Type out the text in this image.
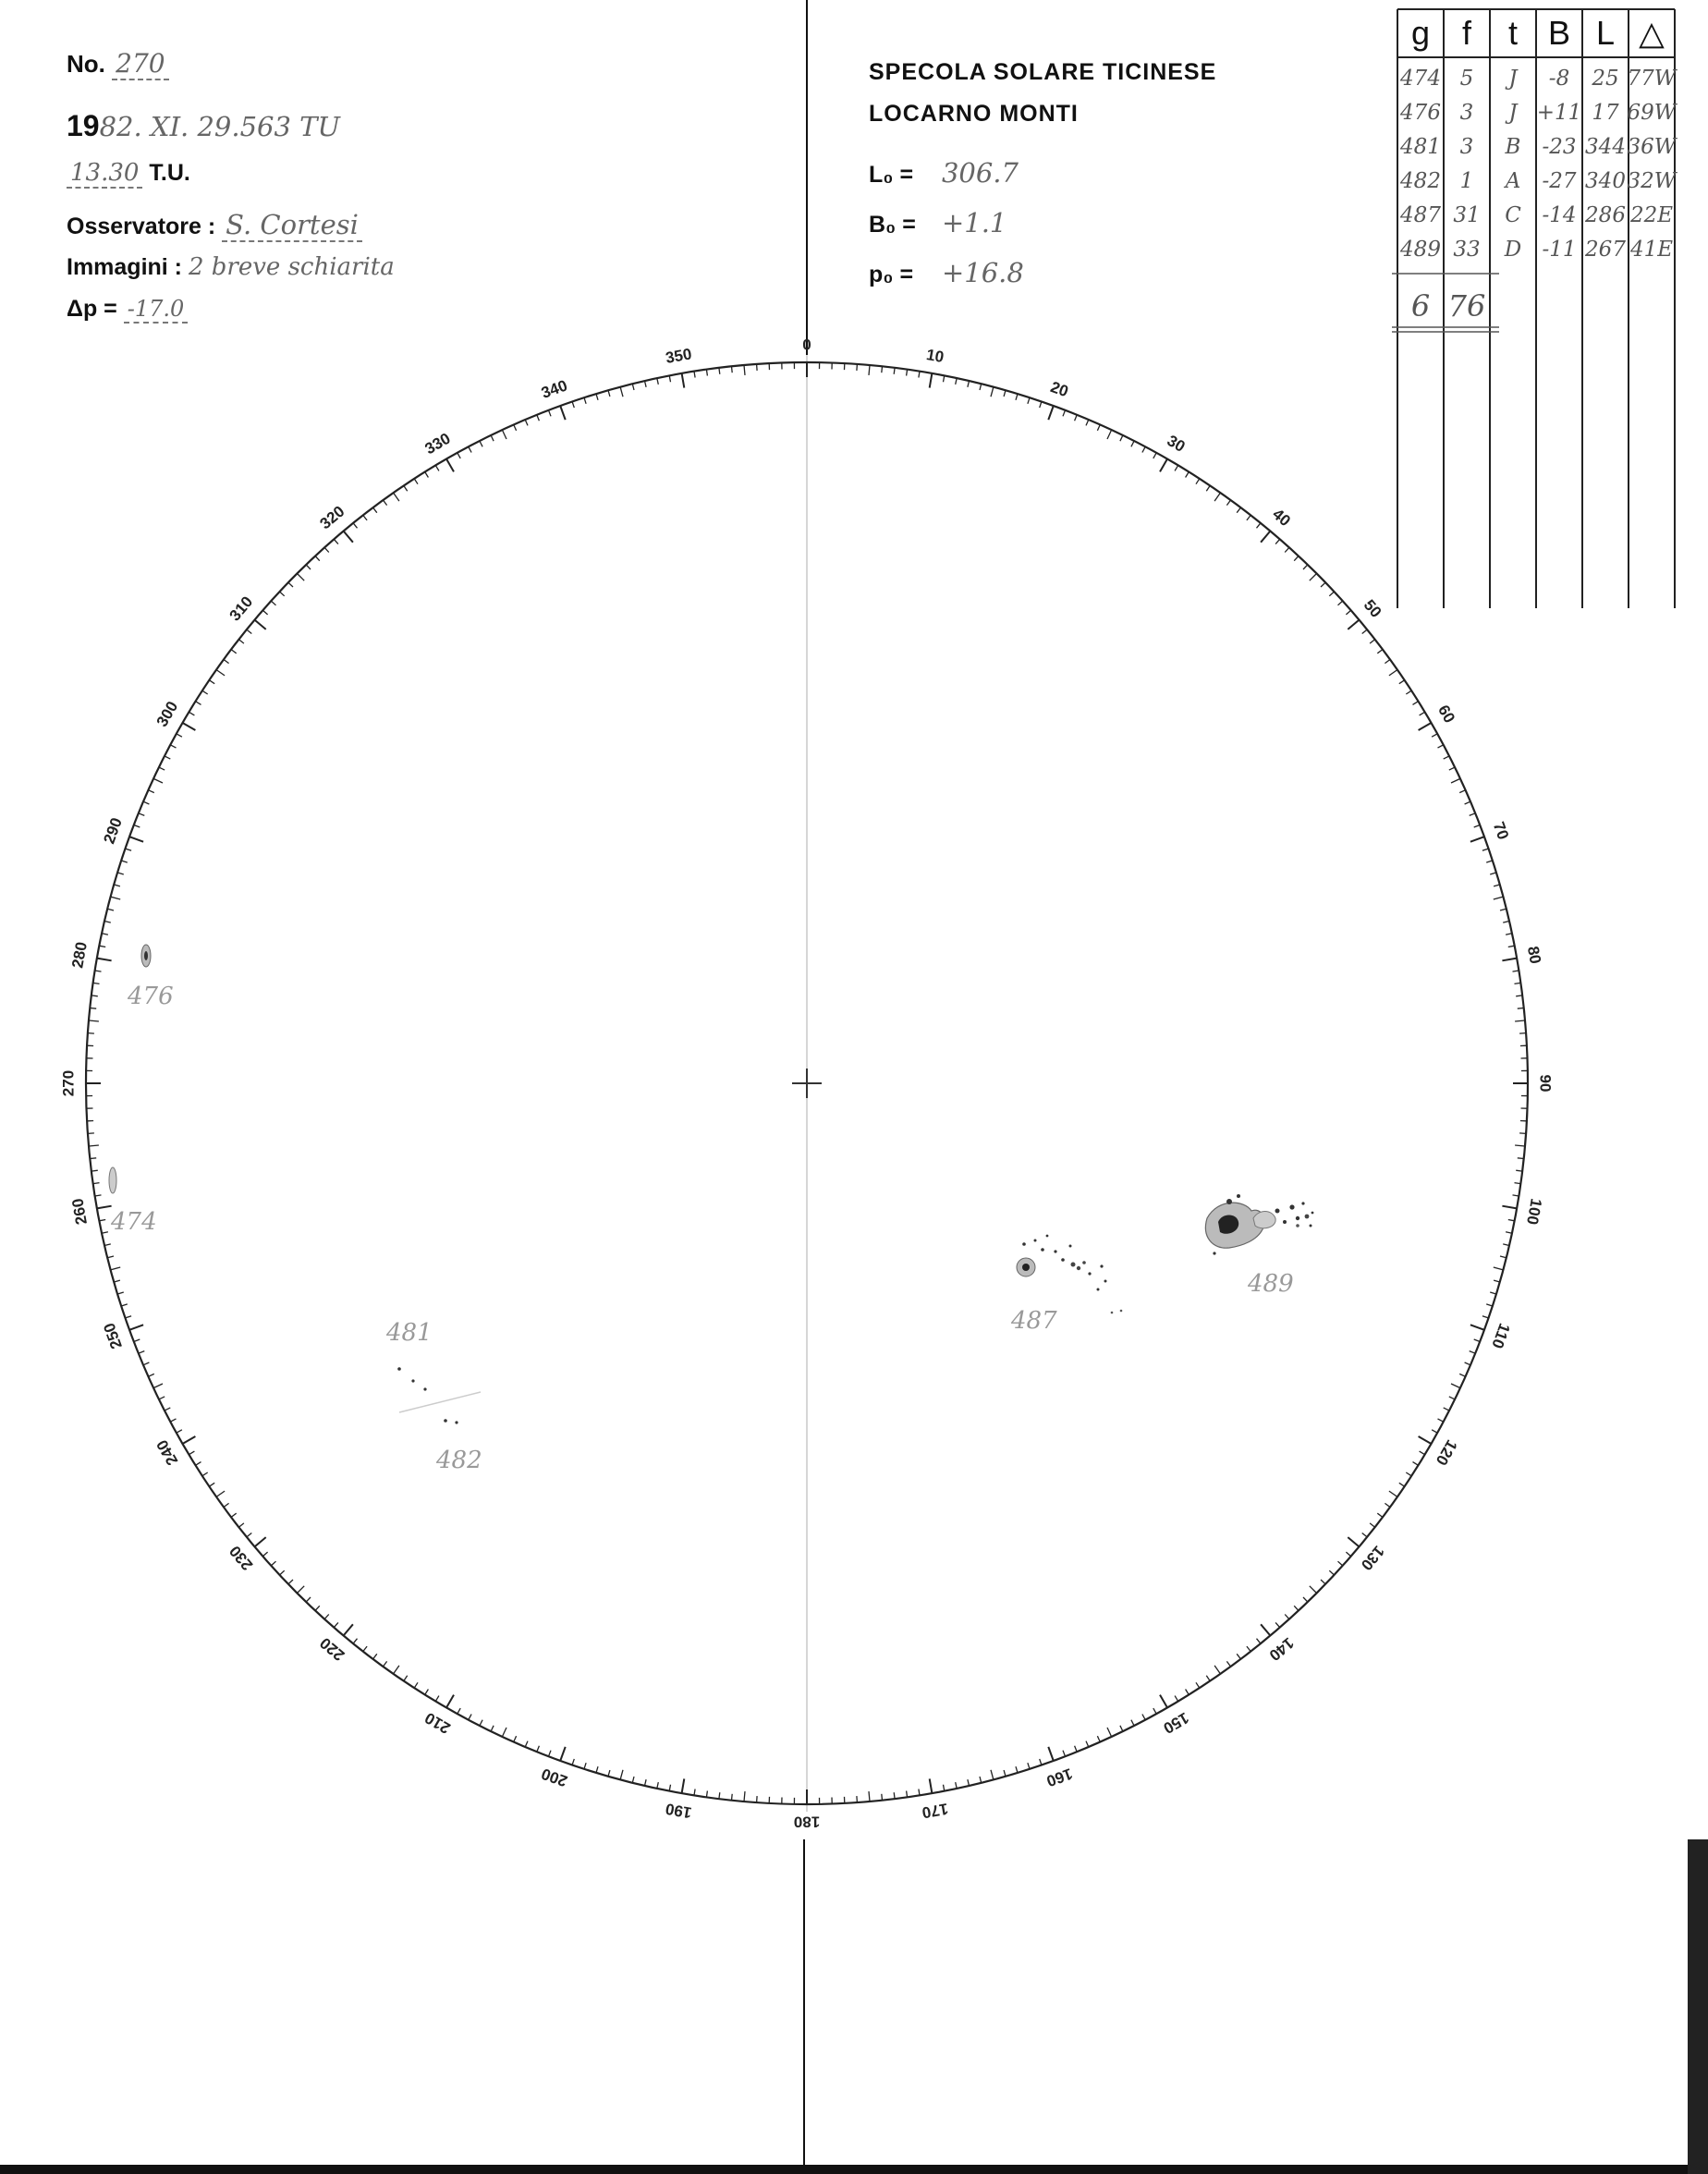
No. 270
1982. XI. 29.563 TU
13.30 T.U.
Osservatore : S. Cortesi
Immagini : 2 breve schiarita
Δp = -17.0
SPECOLA SOLARE TICINESE
LOCARNO MONTI
L₀ = 306.7
B₀ = +1.1
p₀ = +16.8
0
10
20
30
40
50
60
70
80
90
100
110
120
130
140
150
160
170
180
190
200
210
220
230
240
250
260
270
280
290
300
310
320
330
340
350
476
474
481
482
487
489
g f t B L △
474 5 J -8 25 77W
476 3 J +11 17 69W
481 3 B -23 344 36W
482 1 A -27 340 32W
487 31 C -14 286 22E
489 33 D -11 267 41E
6 76
